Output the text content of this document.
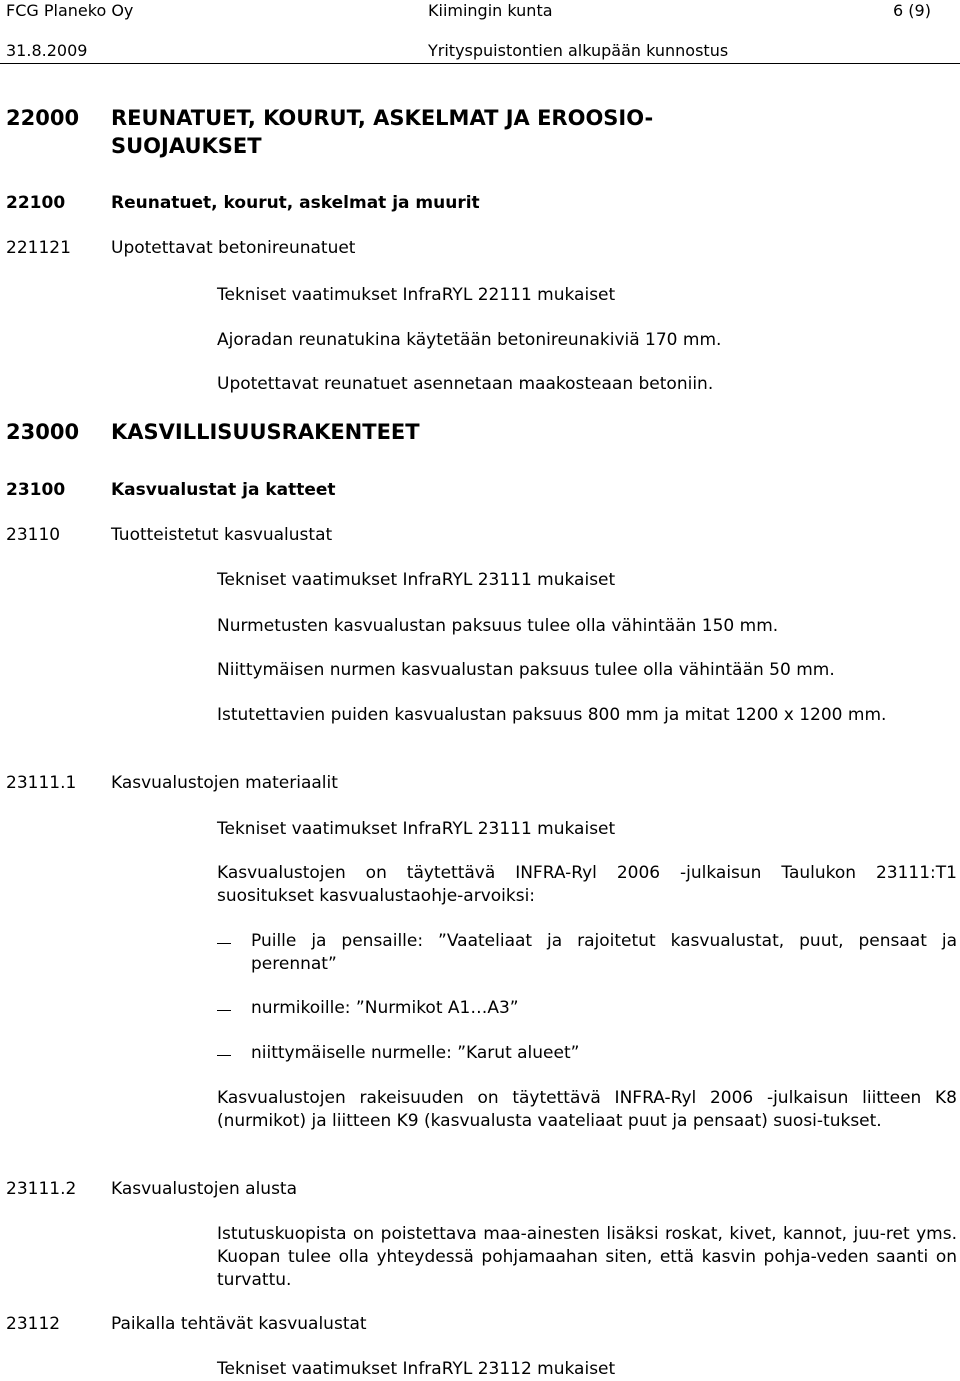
FCG Planeko Oy	Kiimingin kunta	6 (9)
31.8.2009	Yrityspuistontien alkupään kunnostus
22000 REUNATUET, KOURUT, ASKELMAT JA EROOSIO-
SUOJAUKSET
22100	Reunatuet, kourut, askelmat ja muurit
221121 Upotettavat betonireunatuet
Tekniset vaatimukset InfraRYL 22111 mukaiset
Ajoradan reunatukina käytetään betonireunakiviä 170 mm.
Upotettavat reunatuet asennetaan maakosteaan betoniin.
23000 KASVILLISUUSRAKENTEET
23100	Kasvualustat ja katteet
23110	Tuotteistetut kasvualustat
Tekniset vaatimukset InfraRYL 23111 mukaiset
Nurmetusten kasvualustan paksuus tulee olla vähintään 150 mm.
Niittymäisen nurmen kasvualustan paksuus tulee olla vähintään 50 mm.
Istutettavien puiden kasvualustan paksuus 800 mm ja mitat 1200 x 1200 mm.
23111.1 Kasvualustojen materiaalit
Tekniset vaatimukset InfraRYL 23111 mukaiset
Kasvualustojen on täytettävä INFRA-Ryl 2006 -julkaisun Taulukon 23111:T1 suositukset kasvualustaohje-arvoiksi:
Puille ja pensaille: ”Vaateliaat ja rajoitetut kasvualustat, puut, pensaat ja perennat”
nurmikoille: ”Nurmikot A1…A3”
niittymäiselle nurmelle: ”Karut alueet”
Kasvualustojen rakeisuuden on täytettävä INFRA-Ryl 2006 -julkaisun liitteen K8 (nurmikot) ja liitteen K9 (kasvualusta vaateliaat puut ja pensaat) suosi-tukset.
23111.2 Kasvualustojen alusta
Istutuskuopista on poistettava maa-ainesten lisäksi roskat, kivet, kannot, juu-ret yms. Kuopan tulee olla yhteydessä pohjamaahan siten, että kasvin pohja-veden saanti on turvattu.
23112	Paikalla tehtävät kasvualustat
Tekniset vaatimukset InfraRYL 23112 mukaiset
